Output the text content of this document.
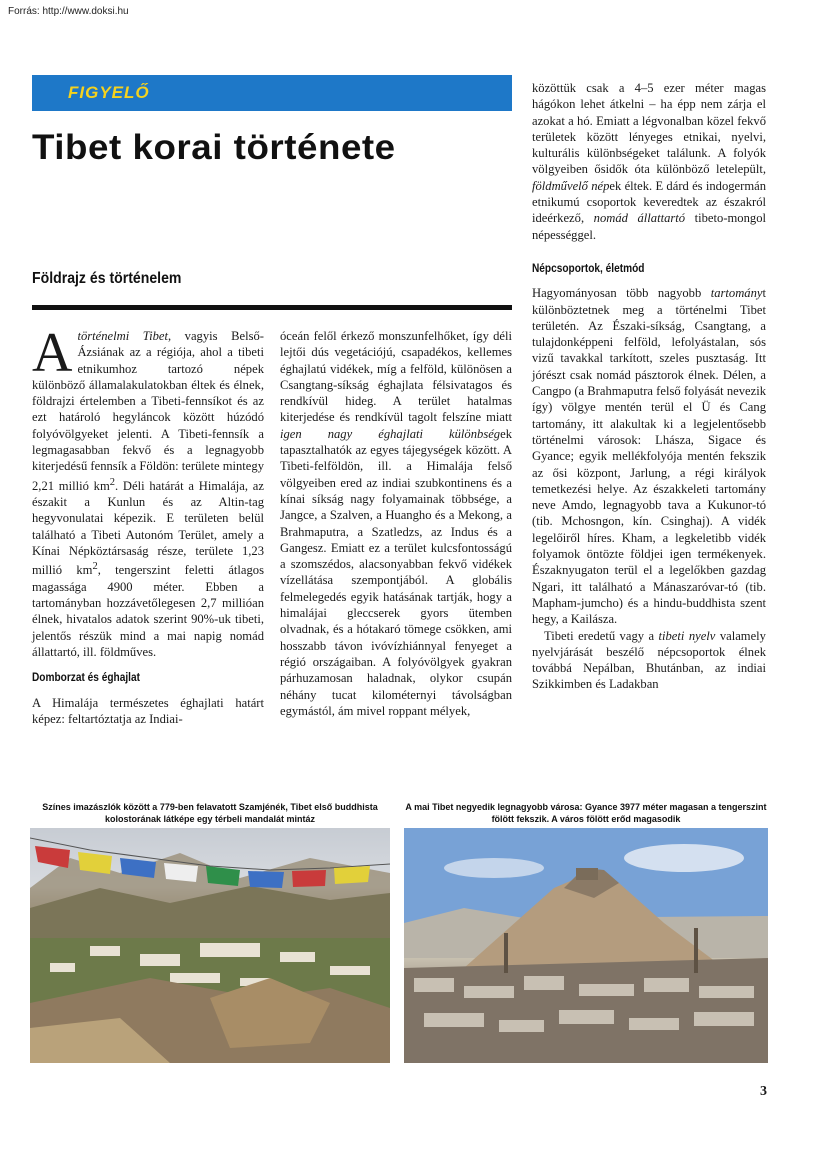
Forrás: http://www.doksi.hu
FIGYELŐ
Tibet korai története
Földrajz és történelem

Atörténelmi Tibet, vagyis Belső-Ázsiának az a régiója, ahol a tibeti etnikumhoz tartozó népek különböző államalakulatokban éltek és élnek, földrajzi értelemben a Tibeti-fennsíkot és az ezt határoló hegyláncok között húzódó folyóvölgyeket jelenti. A Tibeti-fennsík a legmagasabban fekvő és a legnagyobb kiterjedésű fennsík a Földön: területe mintegy 2,21 millió $km^2$. Déli határát a Himalája, az északit a Kunlun és az Altin-tag hegyvonulatai képezik. E területen belül található a Tibeti Autonóm Terület, amely a Kínai Népköztársaság része, területe 1,23 millió $km^2$, tengerszint feletti átlagos magassága 4900 méter. Ebben a tartományban hozzávetőlegesen 2,7 millióan élnek, hivatalos adatok szerint 90%-uk tibeti, jelentős részük mind a mai napig nomád állattartó, ill. földműves.

Domborzat és éghajlat

A Himalája természetes éghajlati határt képez: feltartóztatja az Indiai-

óceán felől érkező monszunfelhőket, így déli lejtői dús vegetációjú, csapadékos, kellemes éghajlatú vidékek, míg a felföld, különösen a Csangtang-síkság éghajlata félsivatagos és rendkívül hideg. A terület hatalmas kiterjedése és rendkívül tagolt felszíne miatt igen nagy éghajlati különbségek tapasztalhatók az egyes tájegységek között. A Tibeti-felföldön, ill. a Himalája felső völgyeiben ered az indiai szubkontinens és a kínai síkság nagy folyamainak többsége, a Jangce, a Szalven, a Huangho és a Mekong, a Brahmaputra, a Szatledzs, az Indus és a Gangesz. Emiatt ez a terület kulcsfontosságú a szomszédos, alacsonyabban fekvő vidékek vízellátása szempontjából. A globális felmelegedés egyik hatásának tartják, hogy a himalájai gleccserek gyors ütemben olvadnak, és a hótakaró tömege csökken, ami hosszabb távon ivóvízhiánnyal fenyeget a régió országaiban. A folyóvölgyek gyakran párhuzamosan haladnak, olykor csupán néhány tucat kilométernyi távolságban egymástól, ám mivel roppant mélyek,

közöttük csak a 4–5 ezer méter magas hágókon lehet átkelni – ha épp nem zárja el azokat a hó. Emiatt a légvonalban közel fekvő területek között lényeges etnikai, nyelvi, kulturális különbségeket találunk. A folyók völgyeiben ősidők óta különböző letelepült, földművelő népek éltek. E dárd és indogermán etnikumú csoportok keveredtek az északról ideérkező, nomád állattartó tibeto-mongol népességgel.

Népcsoportok, életmód

Hagyományosan több nagyobb tartományt különböztetnek meg a történelmi Tibet területén. Az Északi-síkság, Csangtang, a tulajdonképpeni felföld, lefolyástalan, sós vizű tavakkal tarkított, szeles pusztaság. Itt jórészt csak nomád pásztorok élnek. Délen, a Cangpo (a Brahmaputra felső folyását nevezik így) völgye mentén terül el Ü és Cang tartomány, itt alakultak ki a legjelentősebb történelmi városok: Lhásza, Sigace és Gyance; egyik mellékfolyója mentén fekszik az ősi központ, Jarlung, a régi királyok temetkezési helye. Az északkeleti tartomány neve Amdo, legnagyobb tava a Kukunor-tó (tib. Mchosngon, kín. Csinghaj). A vidék legelőiről híres. Kham, a legkeletibb vidék folyamok öntözte földjei igen termékenyek. Északnyugaton terül el a legelőkben gazdag Ngari, itt található a Mánaszaróvar-tó (tib. Mapham-jumcho) és a hindu-buddhista szent hegy, a Kailásza.

Tibeti eredetű vagy a tibeti nyelv valamely nyelvjárását beszélő népcsoportok élnek továbbá Nepálban, Bhutánban, az indiai Szikkimben és Ladakban

Színes imazászlók között a 779-ben felavatott Szamjénék, Tibet első buddhista kolostorának látképe egy térbeli mandalát mintáz
A mai Tibet negyedik legnagyobb városa: Gyance 3977 méter magasan a tengerszint fölött fekszik. A város fölött erőd magasodik
3
